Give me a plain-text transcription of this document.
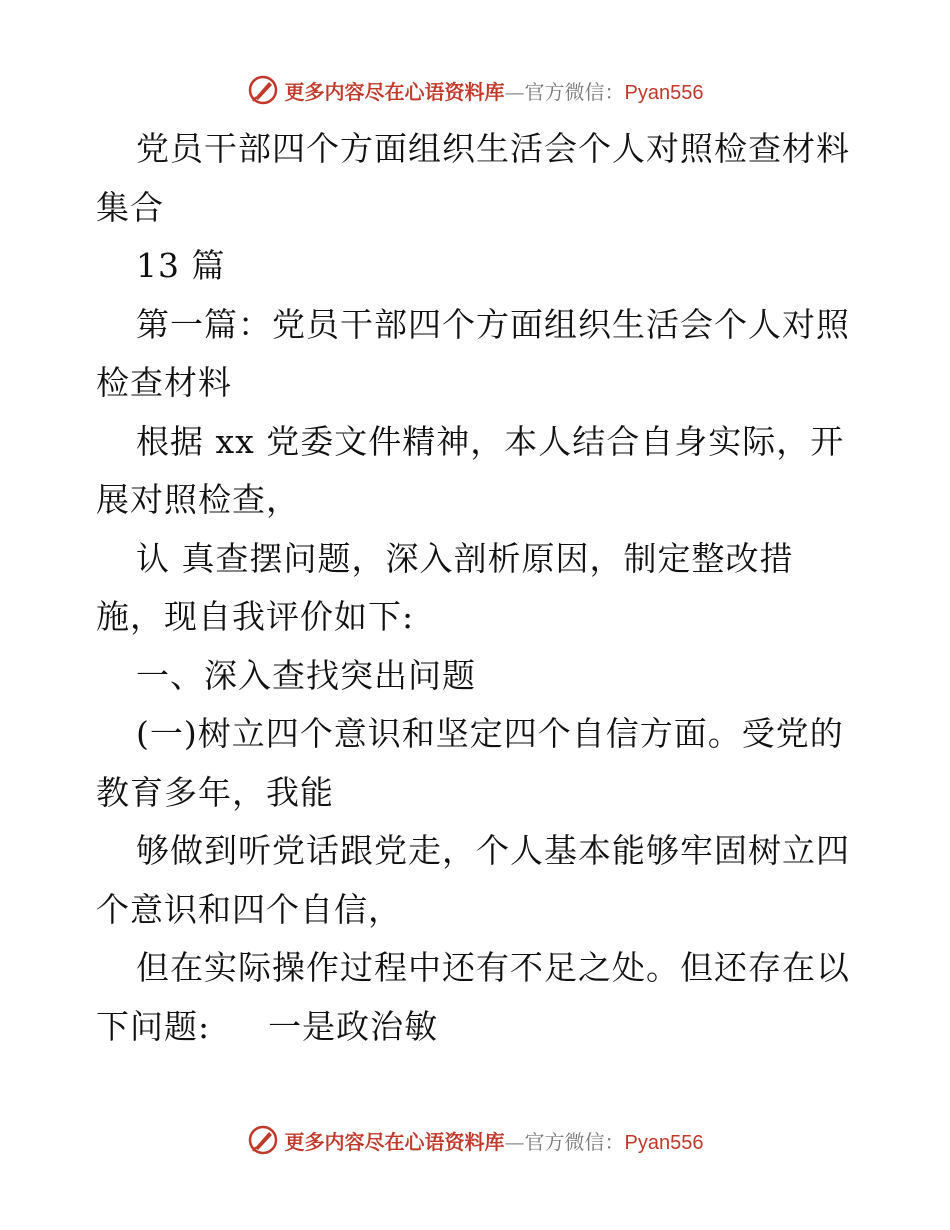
更多内容尽在心语资料库—官方微信：Pyan556
党员干部四个方面组织生活会个人对照检查材料
集合
13 篇
第一篇：党员干部四个方面组织生活会个人对照
检查材料
根据 xx 党委文件精神，本人结合自身实际，开
展对照检查，
认 真查摆问题，深入剖析原因，制定整改措
施，现自我评价如下:
一、深入查找突出问题
(一)树立四个意识和坚定四个自信方面。受党的
教育多年，我能
够做到听党话跟党走，个人基本能够牢固树立四
个意识和四个自信，
但在实际操作过程中还有不足之处。但还存在以
下问题: 一是政治敏
更多内容尽在心语资料库—官方微信：Pyan556
